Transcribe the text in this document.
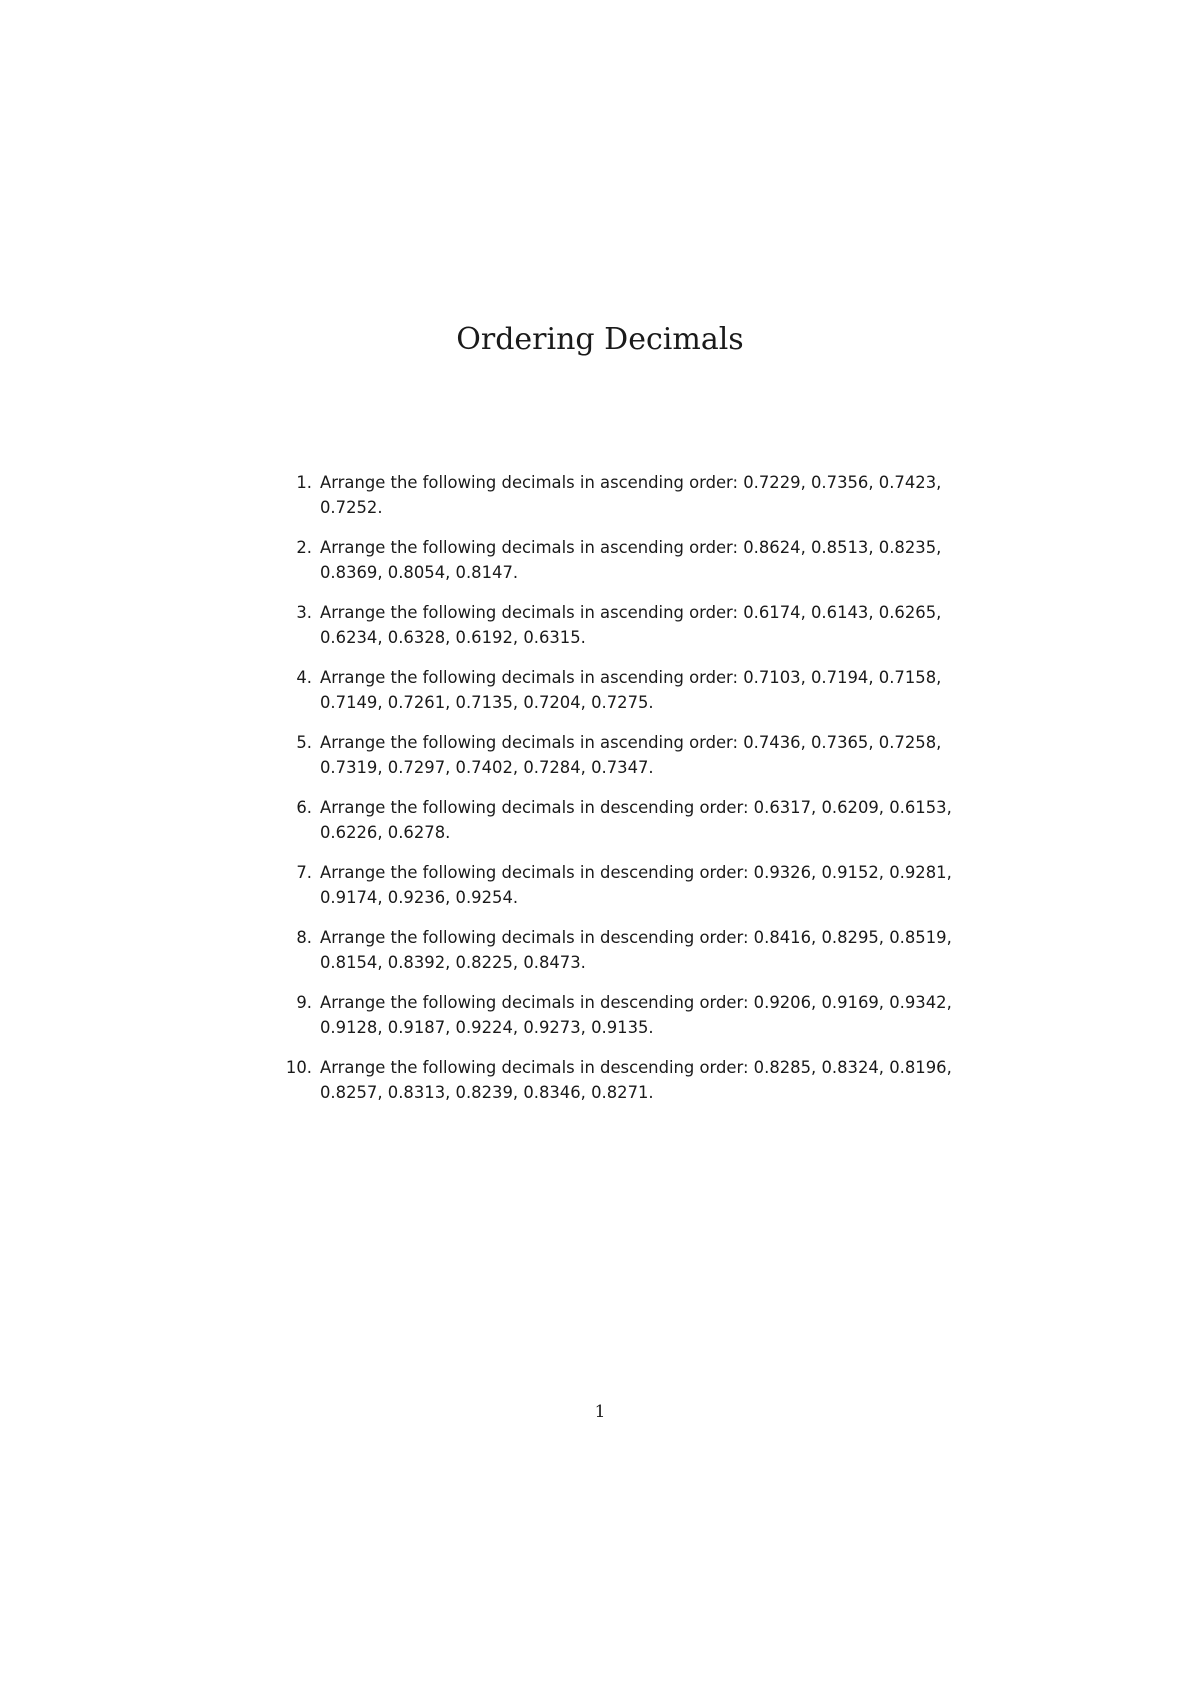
Ordering Decimals
1. Arrange the following decimals in ascending order: 0.7229, 0.7356, 0.7423, 0.7252.
2. Arrange the following decimals in ascending order: 0.8624, 0.8513, 0.8235, 0.8369, 0.8054, 0.8147.
3. Arrange the following decimals in ascending order: 0.6174, 0.6143, 0.6265, 0.6234, 0.6328, 0.6192, 0.6315.
4. Arrange the following decimals in ascending order: 0.7103, 0.7194, 0.7158, 0.7149, 0.7261, 0.7135, 0.7204, 0.7275.
5. Arrange the following decimals in ascending order: 0.7436, 0.7365, 0.7258, 0.7319, 0.7297, 0.7402, 0.7284, 0.7347.
6. Arrange the following decimals in descending order: 0.6317, 0.6209, 0.6153, 0.6226, 0.6278.
7. Arrange the following decimals in descending order: 0.9326, 0.9152, 0.9281, 0.9174, 0.9236, 0.9254.
8. Arrange the following decimals in descending order: 0.8416, 0.8295, 0.8519, 0.8154, 0.8392, 0.8225, 0.8473.
9. Arrange the following decimals in descending order: 0.9206, 0.9169, 0.9342, 0.9128, 0.9187, 0.9224, 0.9273, 0.9135.
10. Arrange the following decimals in descending order: 0.8285, 0.8324, 0.8196, 0.8257, 0.8313, 0.8239, 0.8346, 0.8271.
1
